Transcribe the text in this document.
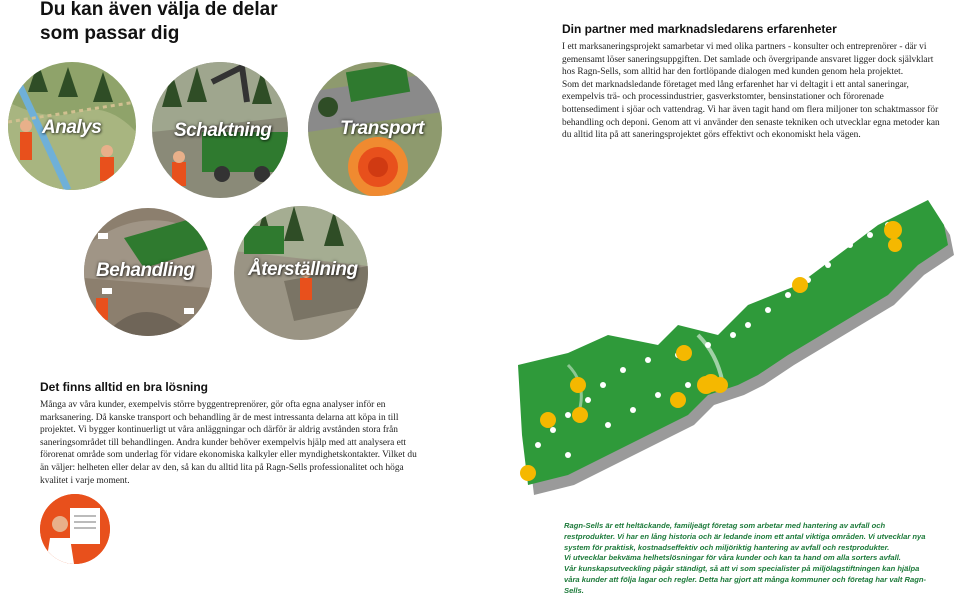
Du kan även välja de delar som passar dig
Analys	Schaktning	Transport
Behandling	Återställning
Din partner med marknadsledarens erfarenheter

I ett marksaneringsprojekt samarbetar vi med olika partners - konsulter och entreprenörer - där vi gemensamt löser saneringsuppgiften. Det samlade och övergripande ansvaret ligger dock självklart hos Ragn-Sells, som alltid har den fortlöpande dialogen med kunden genom hela projektet.

Som det marknadsledande företaget med lång erfarenhet har vi deltagit i ett antal saneringar, exempelvis trä- och processindustrier, gasverkstomter, bensinstationer och förorenade bottensediment i sjöar och vattendrag. Vi har även tagit hand om flera miljoner ton schaktmassor för behandling och deponi. Genom att vi använder den senaste tekniken och utvecklar egna metoder kan du alltid lita på att saneringsprojektet görs effektivt och ekonomiskt hela vägen.

Det finns alltid en bra lösning
Många av våra kunder, exempelvis större byggentreprenörer, gör ofta egna analyser inför en marksanering. Då kanske transport och behandling är de mest intressanta delarna att köpa in till projektet. Vi bygger kontinuerligt ut våra anläggningar och därför är aldrig avstånden stora från saneringsområdet till behandlingen. Andra kunder behöver exempelvis hjälp med att analysera ett förorenat område som underlag för vidare ekonomiska kalkyler eller myndighetskontakter. Vilket du än väljer: helheten eller delar av den, så kan du alltid lita på Ragn-Sells professionalitet och höga kvalitet i varje moment.

Ragn-Sells är ett heltäckande, familjeägt företag som arbetar med hantering av avfall och restprodukter. Vi har en lång historia och är ledande inom ett antal viktiga områden. Vi utvecklar nya system för praktisk, kostnadseffektiv och miljöriktig hantering av avfall och restprodukter.

Vi utvecklar bekväma helhetslösningar för våra kunder och kan ta hand om alla sorters avfall.

Vår kunskapsutveckling pågår ständigt, så att vi som specialister på miljölagstiftningen kan hjälpa våra kunder att följa lagar och regler. Detta har gjort att många kommuner och företag har valt Ragn-Sells.
